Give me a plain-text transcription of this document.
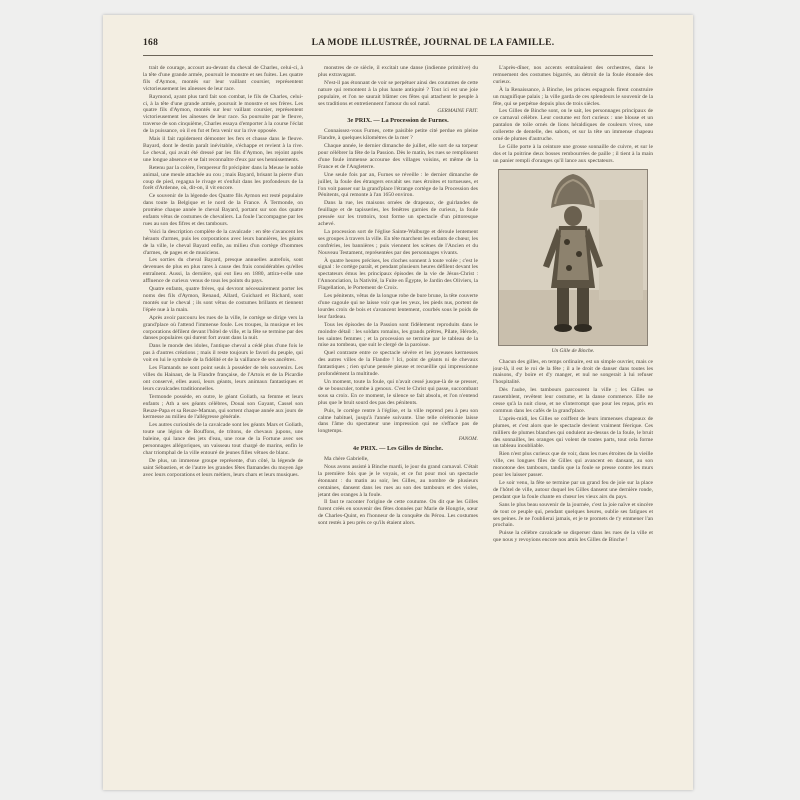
168	LA MODE ILLUSTRÉE, JOURNAL DE LA FAMILLE.

trait de courage, accourt au-devant du cheval de Charles, celui-ci, à la tête d'une grande armée, poursuit le monstre et ses fuites. Les quatre fils d'Aymon, montés sur leur vaillant coursier, représentent victorieusement les aînesses de leur race.

Raymond, ayant plus tard fait son combat, le fils de Charles, celui-ci, à la tête d'une grande armée, poursuit le monstre et ses frères. Les quatre fils d'Aymon, montés sur leur vaillant coursier, représentent victorieusement les aînesses de leur race. Sa poursuite par le fleuve, traverse de son cinquième, Charles essaya d'emporter à la course l'éclat de la puissance, où il en fut et fera venir sur la rive opposée.

Mais il fait rapidement démonter les fers et chasse dans le fleuve. Bayard, dont le destin paraît inévitable, s'échappe et revient à la rive. Le cheval, qui avait été dressé par les fils d'Aymon, les rejoint après une longue absence et se fait reconnaître d'eux par ses hennissements.

Retenu par la colère, l'empereur fit précipiter dans la Meuse le noble animal, une meule attachée au cou ; mais Bayard, brisant la pierre d'un coup de pied, regagna le rivage et s'enfuit dans les profondeurs de la forêt d'Ardenne, où, dit-on, il vit encore.

Ce souvenir de la légende des Quatre fils Aymon est resté populaire dans toute la Belgique et le nord de la France. À Termonde, on promène chaque année le cheval Bayard, portant sur son dos quatre enfants vêtus de costumes de chevaliers. La foule l'accompagne par les rues au son des fifres et des tambours.

Voici la description complète de la cavalcade : en tête s'avancent les hérauts d'armes, puis les corporations avec leurs bannières, les géants de la ville, le cheval Bayard enfin, au milieu d'un cortège d'hommes d'armes, de pages et de musiciens.

Les sorties du cheval Bayard, presque annuelles autrefois, sont devenues de plus en plus rares à cause des frais considérables qu'elles entraînent. Aussi, la dernière, qui eut lieu en 1880, attira-t-elle une affluence de curieux venus de tous les points du pays.

Quatre enfants, quatre frères, qui devront nécessairement porter les noms des fils d'Aymon, Renaud, Allard, Guichard et Richard, sont montés sur le cheval ; ils sont vêtus de costumes brillants et tiennent l'épée nue à la main.

Après avoir parcouru les rues de la ville, le cortège se dirige vers la grand'place où l'attend l'immense foule. Les troupes, la musique et les corporations défilent devant l'hôtel de ville, et la fête se termine par des danses populaires qui durent fort avant dans la nuit.

Dans le monde des idoles, l'antique cheval a cédé plus d'une fois le pas à d'autres créations ; mais il reste toujours le favori du peuple, qui voit en lui le symbole de la fidélité et de la vaillance de ses ancêtres.

Les Flamands ne sont point seuls à posséder de tels souvenirs. Les villes du Hainaut, de la Flandre française, de l'Artois et de la Picardie ont conservé, elles aussi, leurs géants, leurs animaux fantastiques et leurs cavalcades traditionnelles.

Termonde possède, en outre, le géant Goliath, sa femme et leurs enfants ; Ath a ses géants célèbres, Douai son Gayant, Cassel son Reuze-Papa et sa Reuze-Maman, qui sortent chaque année aux jours de kermesse au milieu de l'allégresse générale.

Les autres curiosités de la cavalcade sont les géants Mars et Goliath, toute une légion de Bouffons, de tritons, de chevaux jupons, une baleine, qui lance des jets d'eau, une roue de la Fortune avec ses personnages allégoriques, un vaisseau tout chargé de marins, enfin le char triomphal de la ville entouré de jeunes filles vêtues de blanc.

De plus, un immense groupe représente, d'un côté, la légende de saint Sébastien, et de l'autre les grandes fêtes flamandes du moyen âge avec leurs corporations et leurs métiers, leurs chars et leurs musiques.

monstres de ce siècle, il excitait une danse (indienne primitive) du plus extravagant.

N'est-il pas étonnant de voir se perpétuer ainsi des coutumes de cette nature qui remontent à la plus haute antiquité ? Tout ici est une joie populaire, et l'on ne saurait blâmer ces fêtes qui attachent le peuple à ses traditions et entretiennent l'amour du sol natal.

GERMAINE FRIT.
3e PRIX. — La Procession de Furnes.

Connaissez-vous Furnes, cette paisible petite cité perdue en pleine Flandre, à quelques kilomètres de la mer ?

Chaque année, le dernier dimanche de juillet, elle sort de sa torpeur pour célébrer la fête de la Passion. Dès le matin, les rues se remplissent d'une foule immense accourue des villages voisins, et même de la France et de l'Angleterre.

Une seule fois par an, Furnes se réveille : le dernier dimanche de juillet, la foule des étrangers envahit ses rues étroites et tortueuses, et l'on voit passer sur la grand'place l'étrange cortège de la Procession des Pénitents, qui remonte à l'an 1650 environ.

Dans la rue, les maisons ornées de drapeaux, de guirlandes de feuillage et de tapisseries, les fenêtres garnies de curieux, la foule pressée sur les trottoirs, tout forme un spectacle d'un pittoresque achevé.

La procession sort de l'église Sainte-Walburge et déroule lentement ses groupes à travers la ville. En tête marchent les enfants de chœur, les confréries, les bannières ; puis viennent les scènes de l'Ancien et du Nouveau Testament, représentées par des personnages vivants.

À quatre heures précises, les cloches sonnent à toute volée ; c'est le signal : le cortège paraît, et pendant plusieurs heures défilent devant les spectateurs émus les principaux épisodes de la vie de Jésus-Christ : l'Annonciation, la Nativité, la Fuite en Égypte, le Jardin des Oliviers, la Flagellation, le Portement de Croix.

Les pénitents, vêtus de la longue robe de bure brune, la tête couverte d'une cagoule qui ne laisse voir que les yeux, les pieds nus, portent de lourdes croix de bois et s'avancent lentement, courbés sous le poids de leur fardeau.

Tous les épisodes de la Passion sont fidèlement reproduits dans le moindre détail : les soldats romains, les grands prêtres, Pilate, Hérode, les saintes femmes ; et la procession se termine par le tableau de la mise au tombeau, que suit le clergé de la paroisse.

Quel contraste entre ce spectacle sévère et les joyeuses kermesses des autres villes de la Flandre ! Ici, point de géants ni de chevaux fantastiques ; rien qu'une pensée pieuse et recueillie qui impressionne profondément la multitude.

Un moment, toute la foule, qui n'avait cessé jusque-là de se presser, de se bousculer, tombe à genoux. C'est le Christ qui passe, succombant sous sa croix. En ce moment, le silence se fait absolu, et l'on n'entend plus que le bruit sourd des pas des pénitents.

Puis, le cortège rentre à l'église, et la ville reprend peu à peu son calme habituel, jusqu'à l'année suivante. Une telle cérémonie laisse dans l'âme du spectateur une impression qui ne s'efface pas de longtemps.

FANOM.
4e PRIX. — Les Gilles de Binche.

Ma chère Gabrielle,

Nous avons assisté à Binche mardi, le jour du grand carnaval. C'était la première fois que je le voyais, et ce fut pour moi un spectacle étonnant : du matin au soir, les Gilles, au nombre de plusieurs centaines, dansent dans les rues au son des tambours et des violes, jetant des oranges à la foule.

Il faut te raconter l'origine de cette coutume. On dit que les Gilles furent créés en souvenir des fêtes données par Marie de Hongrie, sœur de Charles-Quint, en l'honneur de la conquête du Pérou. Les costumes sont restés à peu près ce qu'ils étaient alors.

L'après-dîner, nos accents entraînaient des orchestres, dans le remuement des costumes bigarrés, au détroit de la foule étonnée des curieux.

À la Renaissance, à Binche, les princes espagnols firent construire un magnifique palais ; la ville garda de ces splendeurs le souvenir de la fête, qui se perpétue depuis plus de trois siècles.

Les Gilles de Binche sont, on le sait, les personnages principaux de ce carnaval célèbre. Leur costume est fort curieux : une blouse et un pantalon de toile ornés de lions héraldiques de couleurs vives, une collerette de dentelle, des sabots, et sur la tête un immense chapeau orné de plumes d'autruche.

Le Gille porte à la ceinture une grosse sonnaille de cuivre, et sur le dos et la poitrine deux bosses rembourrées de paille ; il tient à la main un panier rempli d'oranges qu'il lance aux spectateurs.

Un Gille de Binche.

Chacun des gilles, en temps ordinaire, est un simple ouvrier, mais ce jour-là, il est le roi de la fête ; il a le droit de danser dans toutes les maisons, d'y boire et d'y manger, et nul ne songerait à lui refuser l'hospitalité.

Dès l'aube, les tambours parcourent la ville ; les Gilles se rassemblent, revêtent leur costume, et la danse commence. Elle ne cesse qu'à la nuit close, et ne s'interrompt que pour les repas, pris en commun dans les cafés de la grand'place.

L'après-midi, les Gilles se coiffent de leurs immenses chapeaux de plumes, et c'est alors que le spectacle devient vraiment féerique. Ces milliers de plumes blanches qui ondulent au-dessus de la foule, le bruit des sonnailles, les oranges qui volent de toutes parts, tout cela forme un tableau inoubliable.

Rien n'est plus curieux que de voir, dans les rues étroites de la vieille ville, ces longues files de Gilles qui avancent en dansant, au son monotone des tambours, tandis que la foule se presse contre les murs pour les laisser passer.

Le soir venu, la fête se termine par un grand feu de joie sur la place de l'hôtel de ville, autour duquel les Gilles dansent une dernière ronde, pendant que la foule chante en chœur les vieux airs du pays.

Sans le plus beau souvenir de la journée, c'est la joie naïve et sincère de tout ce peuple qui, pendant quelques heures, oublie ses fatigues et ses peines. Je ne l'oublierai jamais, et je te promets de t'y emmener l'an prochain.

Puisse la célèbre cavalcade se disperser dans les rues de la ville et que nous y revoyions encore nos amis les Gilles de Binche !
